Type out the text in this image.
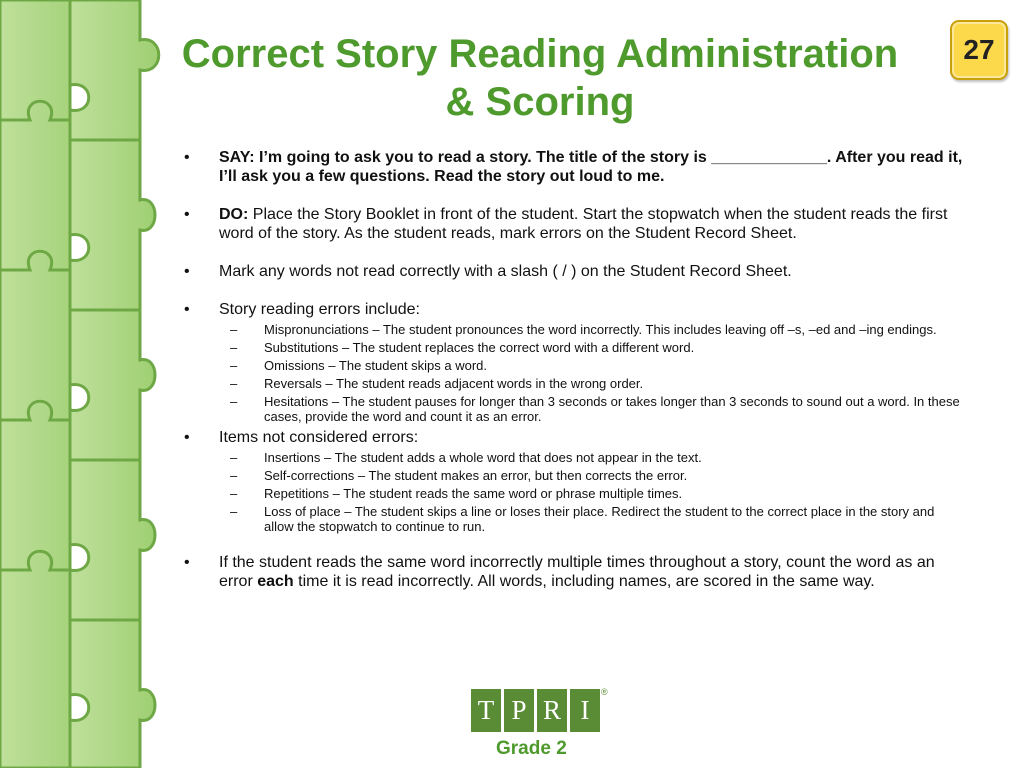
Correct Story Reading Administration
& Scoring
27
• SAY: I’m going to ask you to read a story. The title of the story is _____________. After you read it, I’ll ask you a few questions. Read the story out loud to me.
• DO: Place the Story Booklet in front of the student. Start the stopwatch when the student reads the first word of the story. As the student reads, mark errors on the Student Record Sheet.
• Mark any words not read correctly with a slash ( / ) on the Student Record Sheet.
• Story reading errors include:
– Mispronunciations – The student pronounces the word incorrectly. This includes leaving off –s, –ed and –ing endings.
– Substitutions – The student replaces the correct word with a different word.
– Omissions – The student skips a word.
– Reversals – The student reads adjacent words in the wrong order.
– Hesitations – The student pauses for longer than 3 seconds or takes longer than 3 seconds to sound out a word. In these cases, provide the word and count it as an error.
• Items not considered errors:
– Insertions – The student adds a whole word that does not appear in the text.
– Self-corrections – The student makes an error, but then corrects the error.
– Repetitions – The student reads the same word or phrase multiple times.
– Loss of place – The student skips a line or loses their place. Redirect the student to the correct place in the story and allow the stopwatch to continue to run.
• If the student reads the same word incorrectly multiple times throughout a story, count the word as an error each time it is read incorrectly. All words, including names, are scored in the same way.
T P R I
®
Grade 2
